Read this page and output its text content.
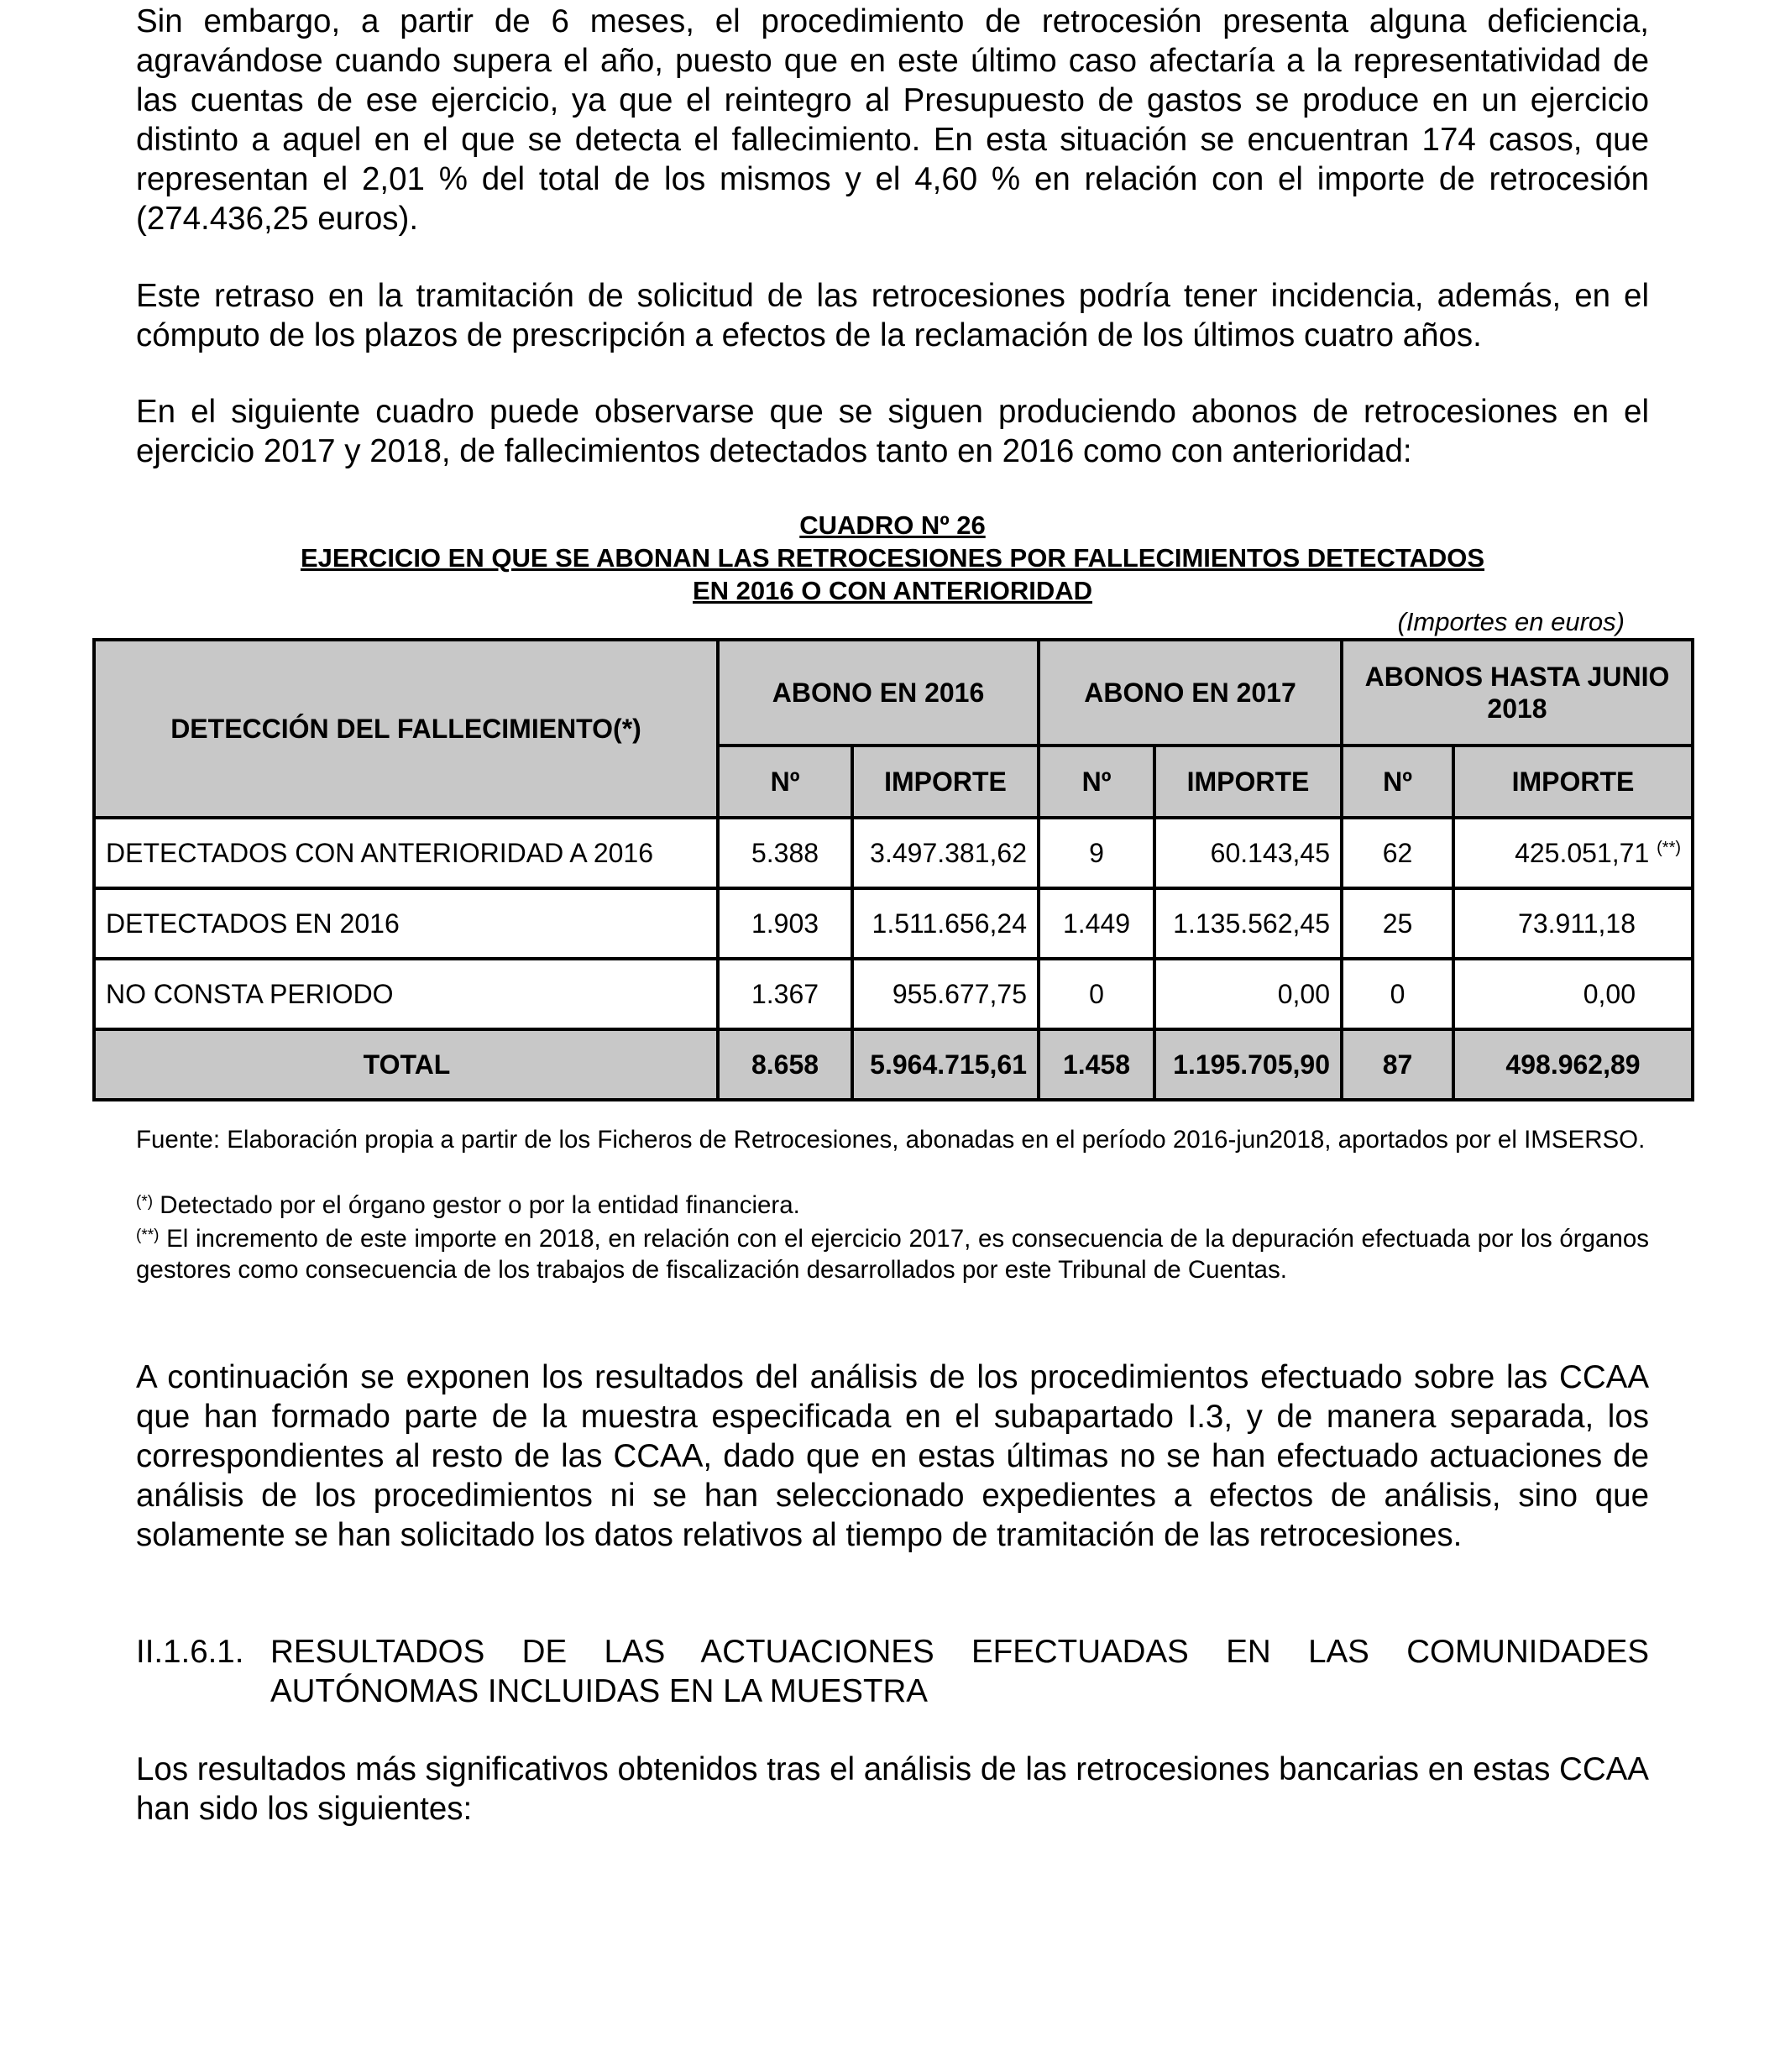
Sin embargo, a partir de 6 meses, el procedimiento de retrocesión presenta alguna deficiencia, agravándose cuando supera el año, puesto que en este último caso afectaría a la representatividad de las cuentas de ese ejercicio, ya que el reintegro al Presupuesto de gastos se produce en un ejercicio distinto a aquel en el que se detecta el fallecimiento. En esta situación se encuentran 174 casos, que representan el 2,01 % del total de los mismos y el 4,60 % en relación con el importe de retrocesión (274.436,25 euros).

Este retraso en la tramitación de solicitud de las retrocesiones podría tener incidencia, además, en el cómputo de los plazos de prescripción a efectos de la reclamación de los últimos cuatro años.

En el siguiente cuadro puede observarse que se siguen produciendo abonos de retrocesiones en el ejercicio 2017 y 2018, de fallecimientos detectados tanto en 2016 como con anterioridad:

CUADRO Nº 26

EJERCICIO EN QUE SE ABONAN LAS RETROCESIONES POR FALLECIMIENTOS DETECTADOS

EN 2016 O CON ANTERIORIDAD

(Importes en euros)

DETECCIÓN DEL FALLECIMIENTO(*)	ABONO EN 2016		ABONO EN 2017		ABONOS HASTA JUNIO 2018	
	Nº	IMPORTE	Nº	IMPORTE	Nº	IMPORTE
DETECTADOS CON ANTERIORIDAD A 2016	5.388	3.497.381,62	9	60.143,45	62	425.051,71 (**)
DETECTADOS EN 2016	1.903	1.511.656,24	1.449	1.135.562,45	25	73.911,18
NO CONSTA PERIODO	1.367	955.677,75	0	0,00	0	0,00
TOTAL	8.658	5.964.715,61	1.458	1.195.705,90	87	498.962,89

Fuente: Elaboración propia a partir de los Ficheros de Retrocesiones, abonadas en el período 2016-jun2018, aportados por el IMSERSO.

(*) Detectado por el órgano gestor o por la entidad financiera.

(**) El incremento de este importe en 2018, en relación con el ejercicio 2017, es consecuencia de la depuración efectuada por los órganos gestores como consecuencia de los trabajos de fiscalización desarrollados por este Tribunal de Cuentas.

A continuación se exponen los resultados del análisis de los procedimientos efectuado sobre las CCAA que han formado parte de la muestra especificada en el subapartado I.3, y de manera separada, los correspondientes al resto de las CCAA, dado que en estas últimas no se han efectuado actuaciones de análisis de los procedimientos ni se han seleccionado expedientes a efectos de análisis, sino que solamente se han solicitado los datos relativos al tiempo de tramitación de las retrocesiones.

II.1.6.1. RESULTADOS DE LAS ACTUACIONES EFECTUADAS EN LAS COMUNIDADES AUTÓNOMAS INCLUIDAS EN LA MUESTRA

Los resultados más significativos obtenidos tras el análisis de las retrocesiones bancarias en estas CCAA han sido los siguientes:
